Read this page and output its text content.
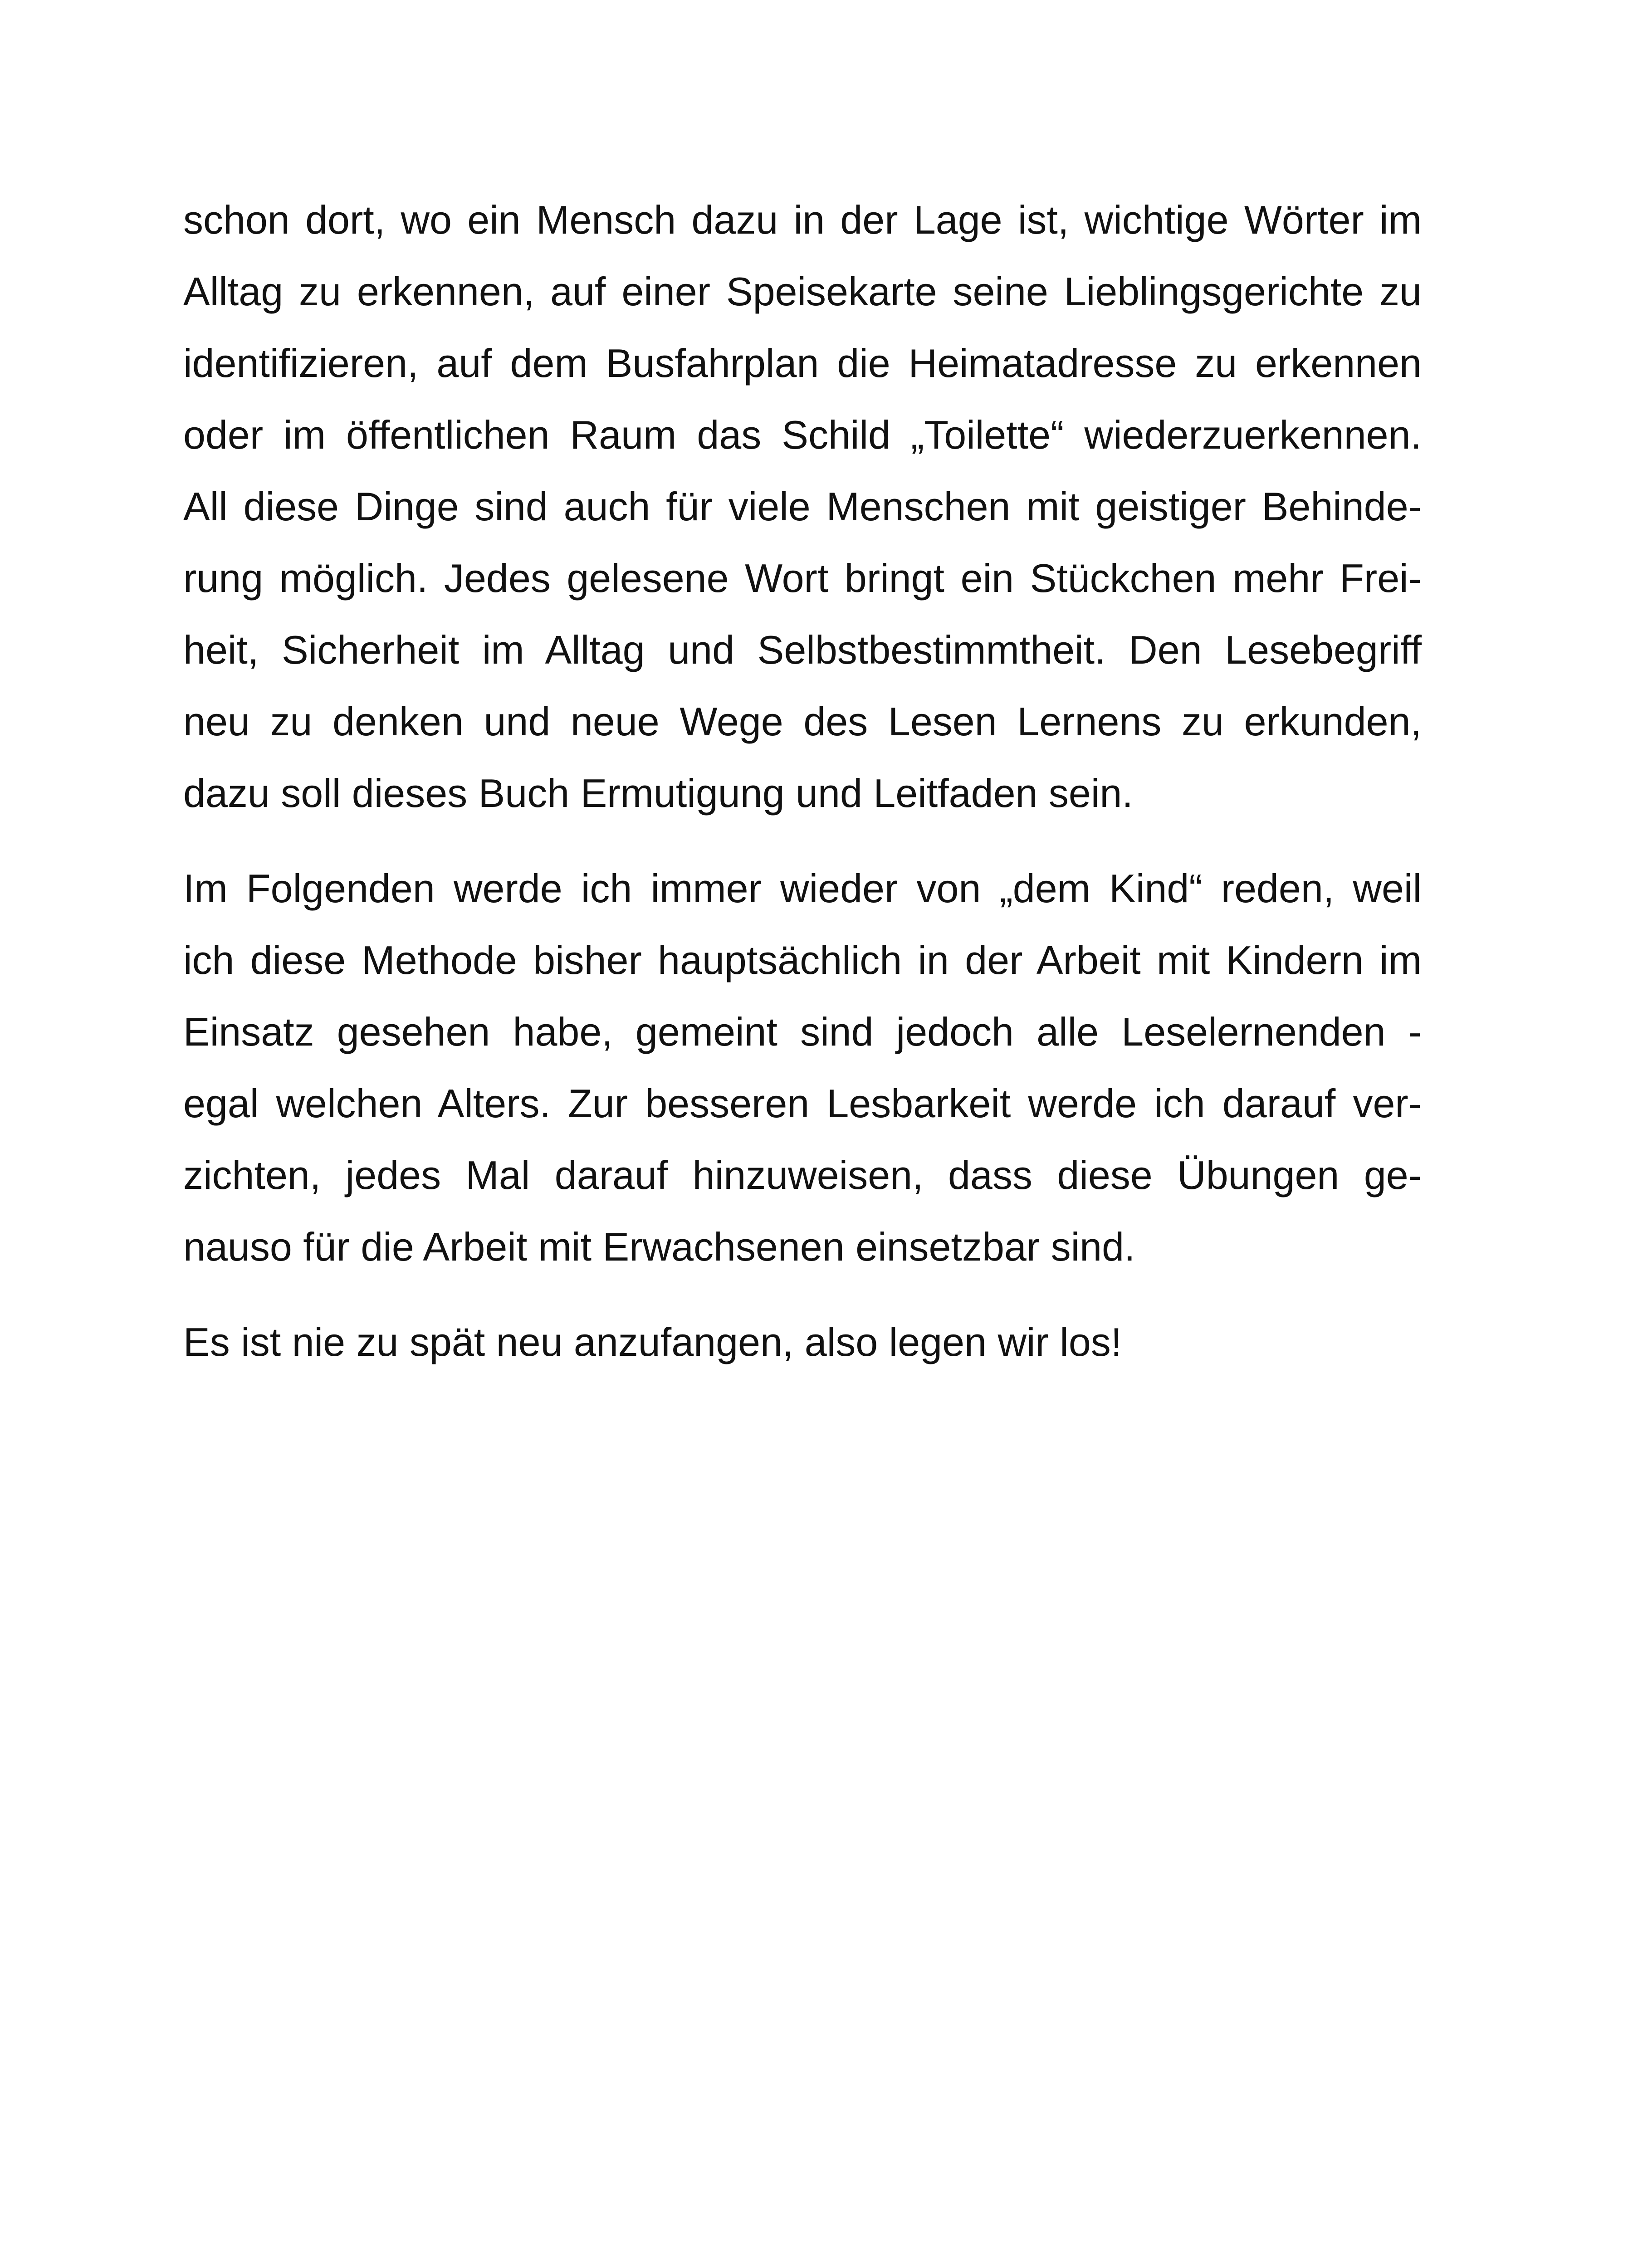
schon dort, wo ein Mensch dazu in der Lage ist, wichtige Wörter im
Alltag zu erkennen, auf einer Speisekarte seine Lieblingsgerichte zu
identifizieren, auf dem Busfahrplan die Heimatadresse zu erkennen
oder im öffentlichen Raum das Schild „Toilette“ wiederzuerkennen.
All diese Dinge sind auch für viele Menschen mit geistiger Behinde-
rung möglich. Jedes gelesene Wort bringt ein Stückchen mehr Frei-
heit, Sicherheit im Alltag und Selbstbestimmtheit. Den Lesebegriff
neu zu denken und neue Wege des Lesen Lernens zu erkunden,
dazu soll dieses Buch Ermutigung und Leitfaden sein.
Im Folgenden werde ich immer wieder von „dem Kind“ reden, weil
ich diese Methode bisher hauptsächlich in der Arbeit mit Kindern im
Einsatz gesehen habe, gemeint sind jedoch alle Leselernenden -
egal welchen Alters. Zur besseren Lesbarkeit werde ich darauf ver-
zichten, jedes Mal darauf hinzuweisen, dass diese Übungen ge-
nauso für die Arbeit mit Erwachsenen einsetzbar sind.
Es ist nie zu spät neu anzufangen, also legen wir los!
